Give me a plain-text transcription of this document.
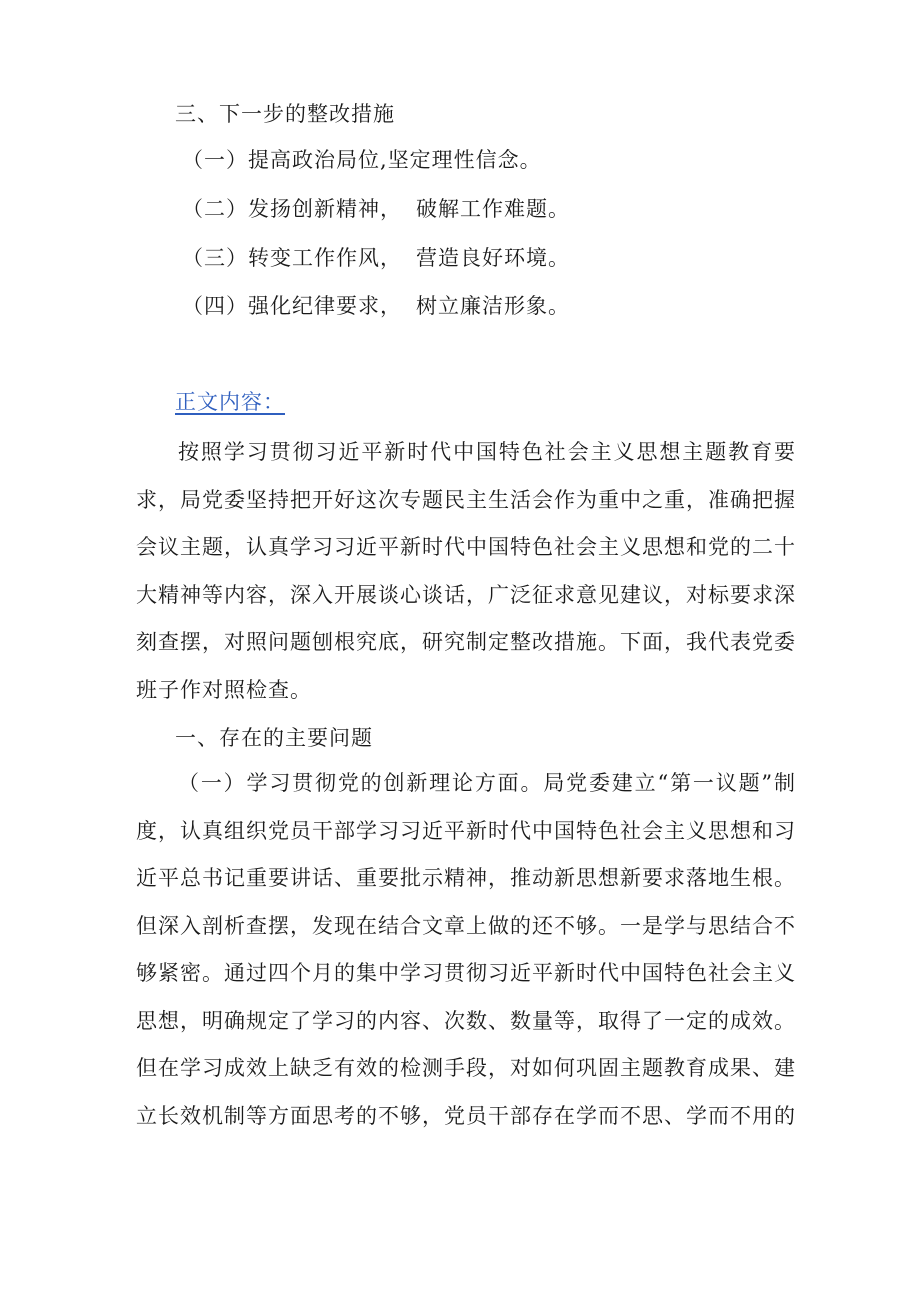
三、下一步的整改措施
（一）提高政治局位,坚定理性信念。
（二）发扬创新精神， 破解工作难题。
（三）转变工作作风， 营造良好环境。
（四）强化纪律要求， 树立廉洁形象。
正文内容：
按照学习贯彻习近平新时代中国特色社会主义思想主题教育要求，局党委坚持把开好这次专题民主生活会作为重中之重，准确把握会议主题，认真学习习近平新时代中国特色社会主义思想和党的二十大精神等内容，深入开展谈心谈话，广泛征求意见建议，对标要求深刻查摆，对照问题刨根究底，研究制定整改措施。下面，我代表党委班子作对照检查。
一、存在的主要问题
（一）学习贯彻党的创新理论方面。局党委建立“第一议题”制度，认真组织党员干部学习习近平新时代中国特色社会主义思想和习近平总书记重要讲话、重要批示精神，推动新思想新要求落地生根。但深入剖析查摆，发现在结合文章上做的还不够。一是学与思结合不够紧密。通过四个月的集中学习贯彻习近平新时代中国特色社会主义思想，明确规定了学习的内容、次数、数量等，取得了一定的成效。但在学习成效上缺乏有效的检测手段，对如何巩固主题教育成果、建立长效机制等方面思考的不够，党员干部存在学而不思、学而不用的
